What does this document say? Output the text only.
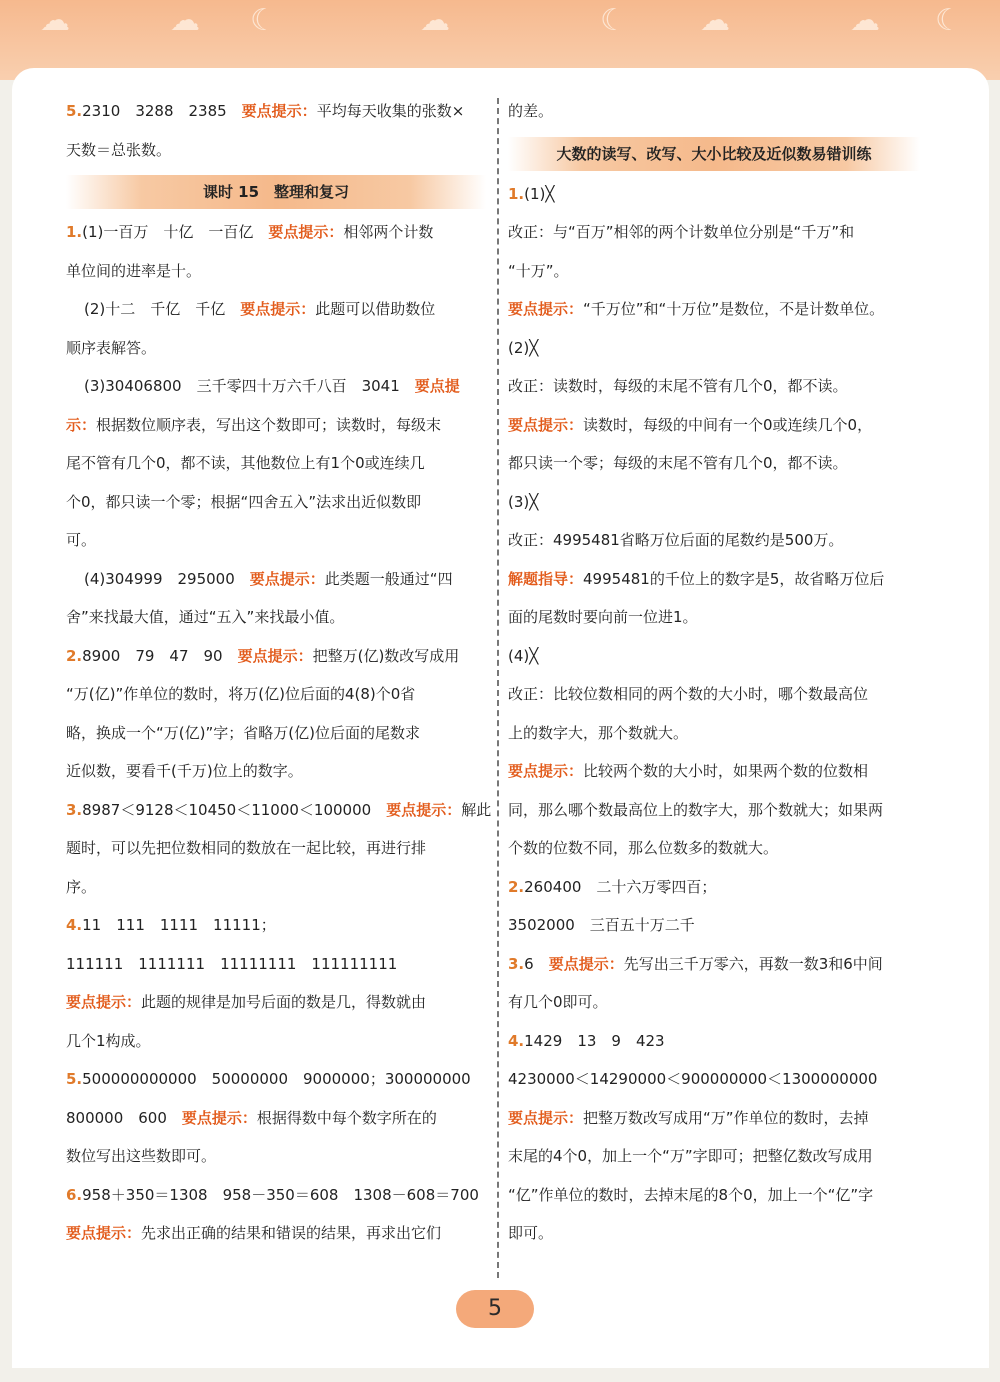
☁	☁ ☾	☁	☾ ☁	☁ ☾
5.2310　3288　2385　要点提示：平均每天收集的张数×
天数＝总张数。
课时 15　整理和复习
1.(1)一百万　十亿　一百亿　要点提示：相邻两个计数
单位间的进率是十。
(2)十二　千亿　千亿　要点提示：此题可以借助数位
顺序表解答。
(3)30406800　三千零四十万六千八百　3041　要点提
示：根据数位顺序表，写出这个数即可；读数时，每级末
尾不管有几个0，都不读，其他数位上有1个0或连续几
个0，都只读一个零；根据“四舍五入”法求出近似数即
可。
(4)304999　295000　要点提示：此类题一般通过“四
舍”来找最大值，通过“五入”来找最小值。
2.8900　79　47　90　要点提示：把整万(亿)数改写成用
“万(亿)”作单位的数时，将万(亿)位后面的4(8)个0省
略，换成一个“万(亿)”字；省略万(亿)位后面的尾数求
近似数，要看千(千万)位上的数字。
3.8987＜9128＜10450＜11000＜100000　要点提示：解此
题时，可以先把位数相同的数放在一起比较，再进行排
序。
4.11　111　1111　11111；
111111　1111111　11111111　111111111
要点提示：此题的规律是加号后面的数是几，得数就由
几个1构成。
5.500000000000　50000000　9000000；300000000
800000　600　要点提示：根据得数中每个数字所在的
数位写出这些数即可。
6.958＋350＝1308　958－350＝608　1308－608＝700
要点提示：先求出正确的结果和错误的结果，再求出它们
的差。
大数的读写、改写、大小比较及近似数易错训练
1.(1)╳
改正：与“百万”相邻的两个计数单位分别是“千万”和
“十万”。
要点提示：“千万位”和“十万位”是数位，不是计数单位。
(2)╳
改正：读数时，每级的末尾不管有几个0，都不读。
要点提示：读数时，每级的中间有一个0或连续几个0，
都只读一个零；每级的末尾不管有几个0，都不读。
(3)╳
改正：4995481省略万位后面的尾数约是500万。
解题指导：4995481的千位上的数字是5，故省略万位后
面的尾数时要向前一位进1。
(4)╳
改正：比较位数相同的两个数的大小时，哪个数最高位
上的数字大，那个数就大。
要点提示：比较两个数的大小时，如果两个数的位数相
同，那么哪个数最高位上的数字大，那个数就大；如果两
个数的位数不同，那么位数多的数就大。
2.260400　二十六万零四百；
3502000　三百五十万二千
3.6　要点提示：先写出三千万零六，再数一数3和6中间
有几个0即可。
4.1429　13　9　423
4230000＜14290000＜900000000＜1300000000
要点提示：把整万数改写成用“万”作单位的数时，去掉
末尾的4个0，加上一个“万”字即可；把整亿数改写成用
“亿”作单位的数时，去掉末尾的8个0，加上一个“亿”字
即可。
5
